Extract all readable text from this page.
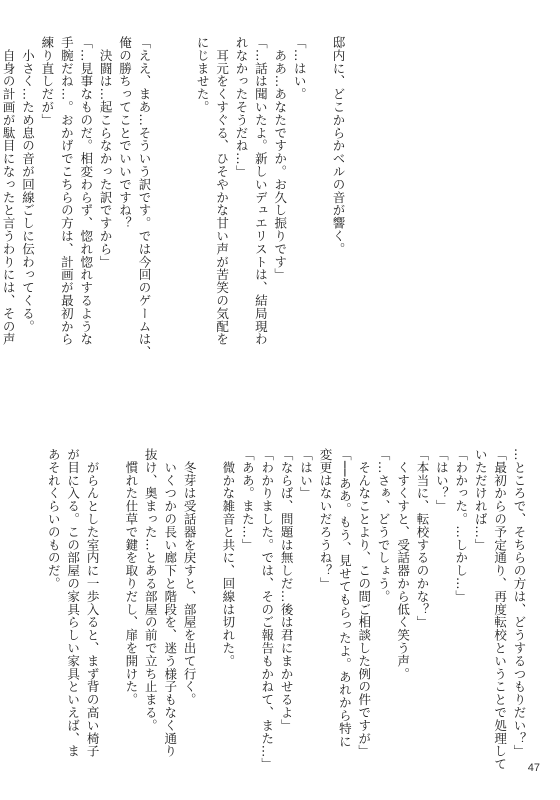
邸内に、どこからかベルの音が響く。

「…はい。
　ああ…あなたですか。お久し振りです」
「…話は聞いたよ。新しいデュエリストは、結局現わ
れなかったそうだね…」
　耳元をくすぐる、ひそやかな甘い声が苦笑の気配を
にじませた。

「ええ、まあ…そういう訳です。では今回のゲームは、
俺の勝ちってことでいいですね？
　決闘は…起こらなかった訳ですから」
「…見事なものだ。相変わらず、惚れ惚れするような
手腕だね…。おかげでこちらの方は、計画が最初から
練り直しだが」
　小さく…ため息の音が回線ごしに伝わってくる。
　自身の計画が駄目になったと言うわりには、その声
…ところで、そちらの方は、どうするつもりだい？」
「最初からの予定通り、再度転校ということで処理して
いただければ…」
「わかった。…しかし…」
「はい？」
「本当に、転校するのかな？」
　くすくすと、受話器から低く笑う声。
「…さぁ、どうでしょう。
　そんなことより、この間ご相談した例の件ですが」
「──ああ。もう、見せてもらったよ。あれから特に
変更はないだろうね？」
「はい」
「ならば、問題は無しだ…後は君にまかせるよ」
「わかりました。では、そのご報告もかねて、また…」
「ああ。また…」
　微かな雑音と共に、回線は切れた。

　冬芽は受話器を戻すと、部屋を出て行く。
　いくつかの長い廊下と階段を、迷う様子もなく通り
抜け、奥まった…とある部屋の前で立ち止まる。
　慣れた仕草で鍵を取りだし、扉を開けた。

　がらんとした室内に一歩入ると、まず背の高い椅子
が目に入る。この部屋の家具らしい家具といえば、ま
あそれくらいのものだ。
47
